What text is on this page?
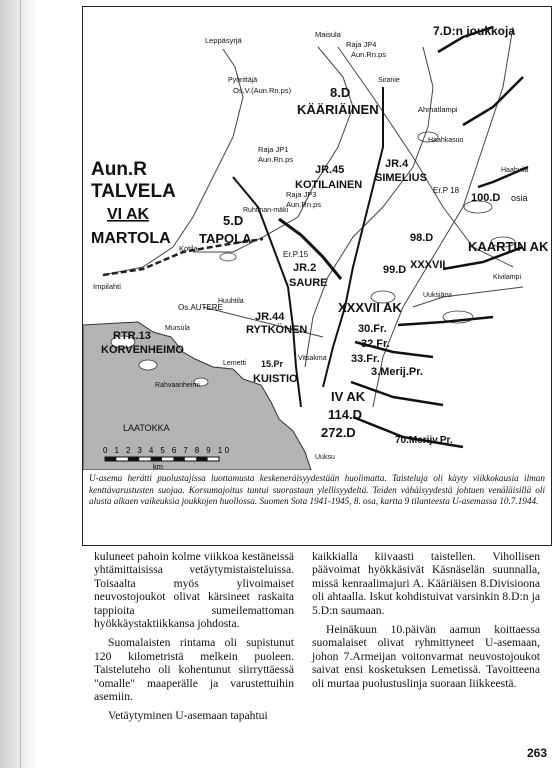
Leppäsyrjä
Maisula
Raja JP4
Aun.Rn.ps
7.D:n joukkoja
Pyörittäjä
Os.V.(Aun.Rn.ps)	8.D
KÄÄRIÄINEN
Siranie
Ahmatlampi
Raja JP1
Aun.Rn.ps
Haahkasuo
Aun.R
TALVELA
VI AK
MARTOLA
JR.45
KOTILAINEN
JR.4
SIMELIUS
Raja JP3
Aun.Rn.ps
Er.P 18
Haahvila
100.D osia
5.D
TAPOLA
Ruhtinan-mäki
98.D
KAARTIN AK
Kotila
Er.P.15
JR.2
SAURE
99.D XXXVII
Kivilampi
Uuksjärvi
Impilahti
XXXVII AK
Os.AUTERE
JR.44
RYTKÖNEN
Huuhtila
30.Fr.
32.Fr.
33.Fr.
RTR.13
KORVENHEIMO
Mursula
Lemetti
3.Merij.Pr.
KUISTIO
15.Pr
Vitsakma
Rahvaanheimi
LAATOKKA
IV AK
114.D
272.D
70.Merijv.Pr.
Uuksu
0 1 2 3 4 5 6 7 8 9 10
km
U-asema herätti puolustajissa luottamusta keskeneräisyydestään huolimatta. Taisteluja oli käyty viikkokausia ilman kenttävarustusten suojaa. Korsumajoitus tuntui suorastaan ylellisyydeltä. Teiden vähäisyydestä johtuen venäläisillä oli alusta alkaen vaikeuksia joukkojen huollossa. Suomen Sota 1941-1945, 8. osa, kartta 9 tilanteesta U-asemassa 10.7.1944.

kuluneet pahoin kolme viikkoa kestäneissä yhtämittaisissa vetäytymistaisteluissa. Toisaalta myös ylivoimaiset neuvostojoukot olivat kärsineet raskaita tappioita sumeilemattoman hyökkäystaktiikkansa johdosta.

Suomalaisten rintama oli supistunut 120 kilometristä melkein puoleen. Taisteluteho oli kohentunut siirryttäessä "omalle" maaperälle ja varustettuihin asemiin.

Vetäytyminen U-asemaan tapahtui

kaikkialla kiivaasti taistellen. Vihollisen päävoimat hyökkäsivät Käsnäselän suunnalla, missä kenraalimajuri A. Kääriäisen 8.Divisioona oli ahtaalla. Iskut kohdistuivat varsinkin 8.D:n ja 5.D:n saumaan.

Heinäkuun 10.päivän aamun koittaessa suomalaiset olivat ryhmittyneet U-asemaan, johon 7.Armeijan voitonvarmat neuvostojoukot saivat ensi kosketuksen Lemetissä. Tavoitteena oli murtaa puolustuslinja suoraan liikkeestä.

263
